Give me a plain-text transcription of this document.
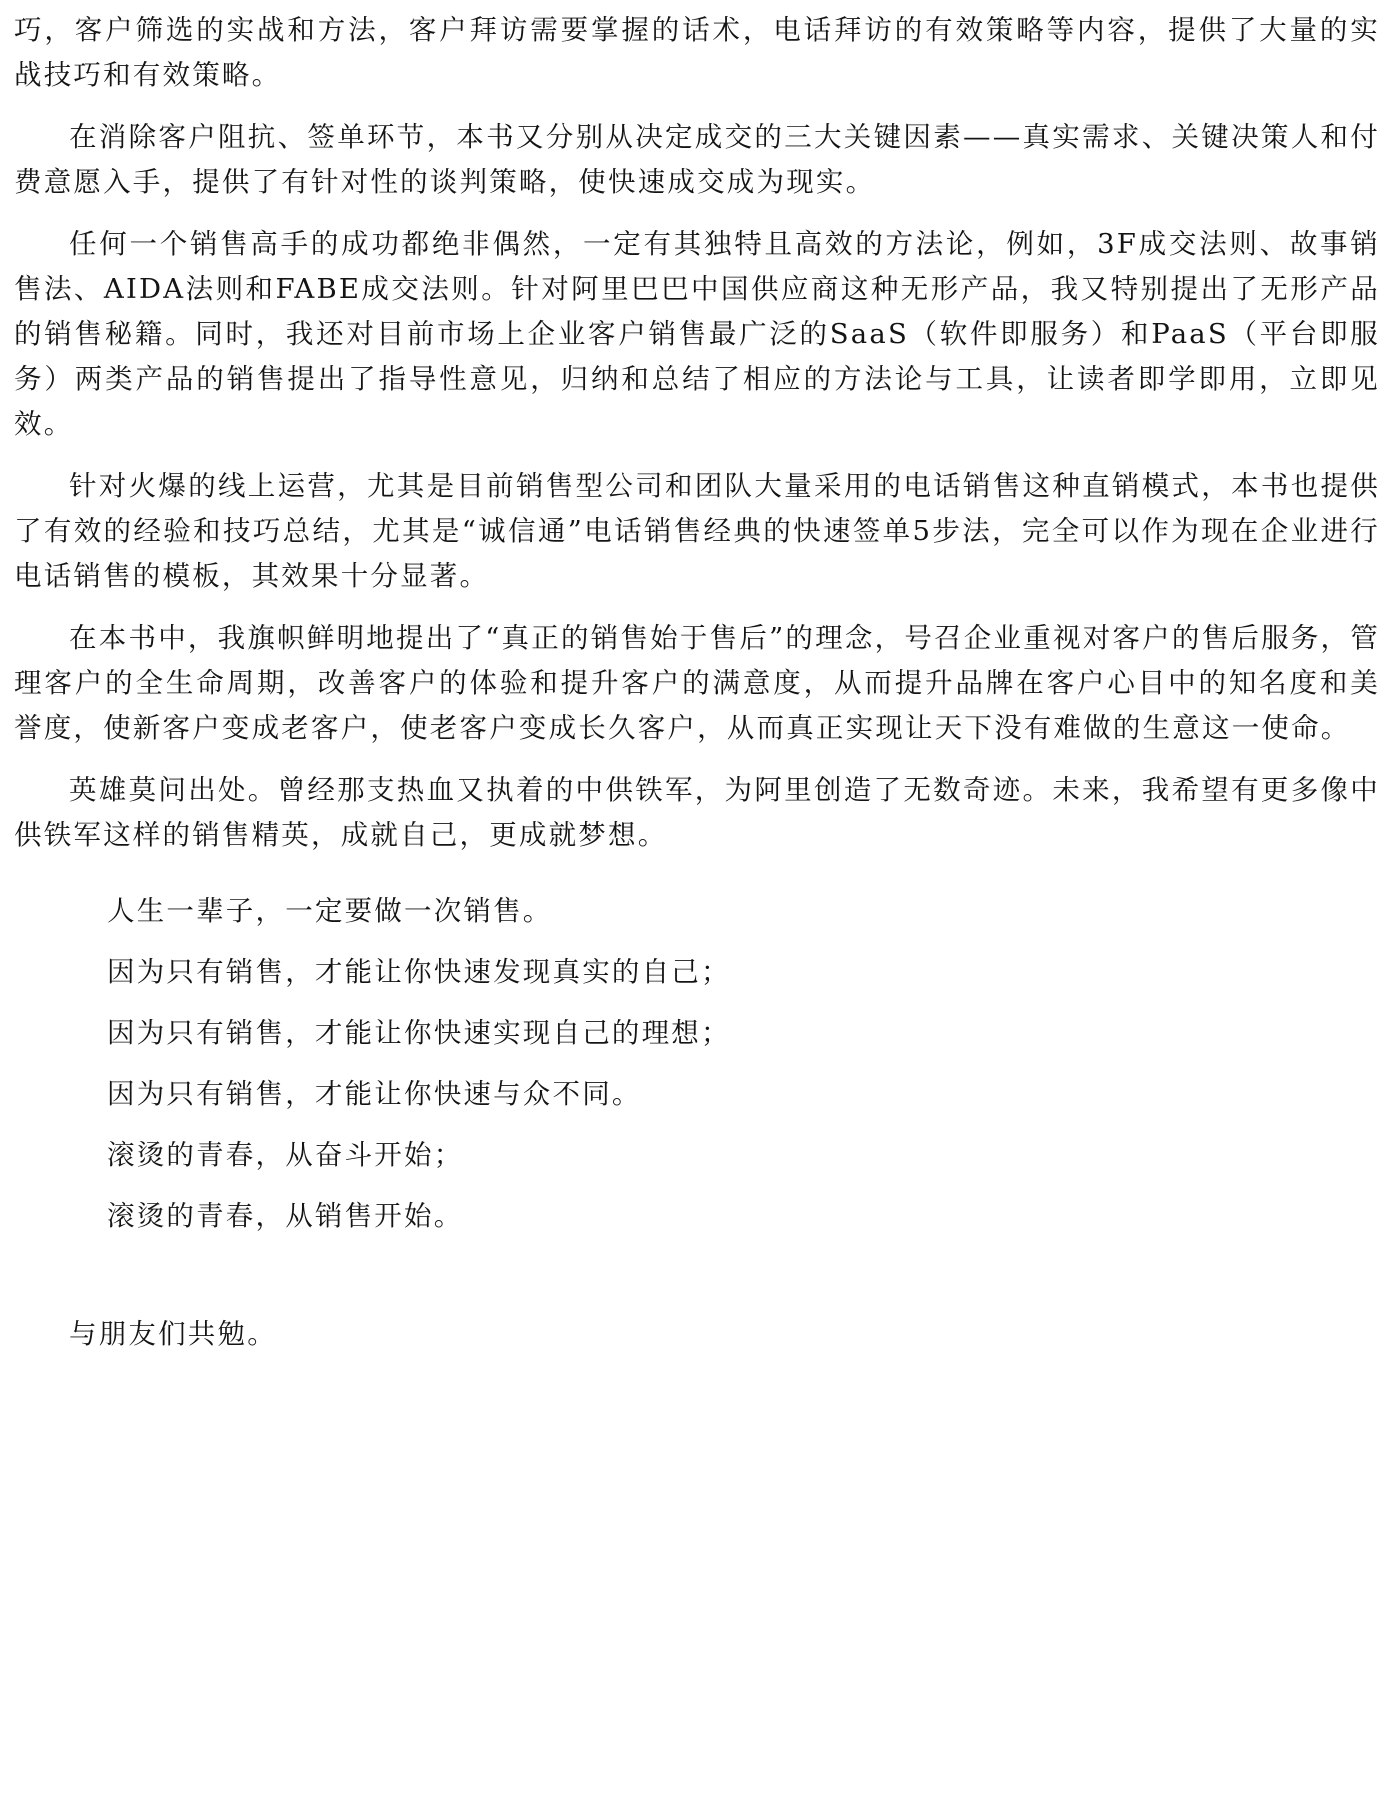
巧，客户筛选的实战和方法，客户拜访需要掌握的话术，电话拜访的有效策略等内容，提供了大量的实战技巧和有效策略。

在消除客户阻抗、签单环节，本书又分别从决定成交的三大关键因素——真实需求、关键决策人和付费意愿入手，提供了有针对性的谈判策略，使快速成交成为现实。

任何一个销售高手的成功都绝非偶然，一定有其独特且高效的方法论，例如，3F成交法则、故事销售法、AIDA法则和FABE成交法则。针对阿里巴巴中国供应商这种无形产品，我又特别提出了无形产品的销售秘籍。同时，我还对目前市场上企业客户销售最广泛的SaaS（软件即服务）和PaaS（平台即服务）两类产品的销售提出了指导性意见，归纳和总结了相应的方法论与工具，让读者即学即用，立即见效。

针对火爆的线上运营，尤其是目前销售型公司和团队大量采用的电话销售这种直销模式，本书也提供了有效的经验和技巧总结，尤其是“诚信通”电话销售经典的快速签单5步法，完全可以作为现在企业进行电话销售的模板，其效果十分显著。

在本书中，我旗帜鲜明地提出了“真正的销售始于售后”的理念，号召企业重视对客户的售后服务，管理客户的全生命周期，改善客户的体验和提升客户的满意度，从而提升品牌在客户心目中的知名度和美誉度，使新客户变成老客户，使老客户变成长久客户，从而真正实现让天下没有难做的生意这一使命。

英雄莫问出处。曾经那支热血又执着的中供铁军，为阿里创造了无数奇迹。未来，我希望有更多像中供铁军这样的销售精英，成就自己，更成就梦想。

人生一辈子，一定要做一次销售。
因为只有销售，才能让你快速发现真实的自己；
因为只有销售，才能让你快速实现自己的理想；
因为只有销售，才能让你快速与众不同。
滚烫的青春，从奋斗开始；
滚烫的青春，从销售开始。

与朋友们共勉。
